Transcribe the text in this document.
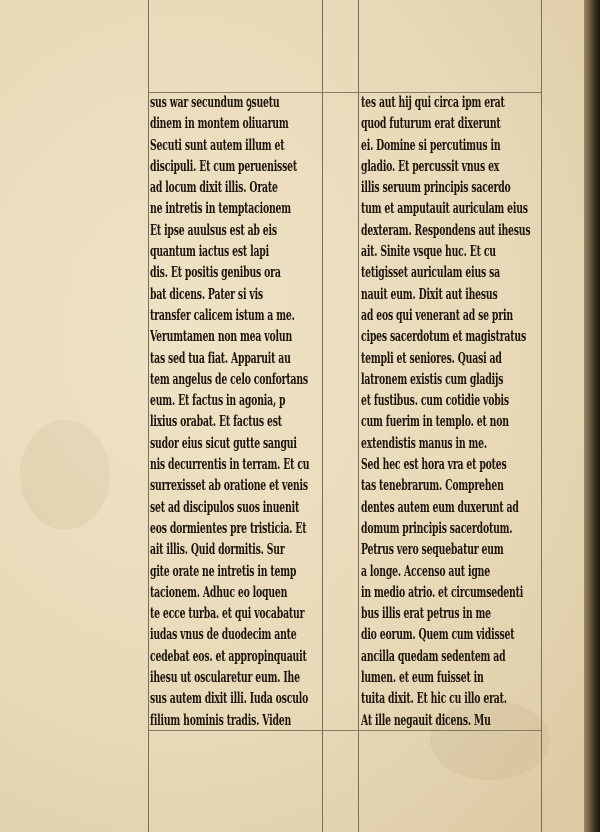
sus war secundum ꝯsuetu
dinem in montem oliuarum
Secuti sunt autem illum et
discipuli. Et cum peruenisset
ad locum dixit illis. Orate
ne intretis in temptacionem
Et ipse auulsus est ab eis
quantum iactus est lapi
dis. Et positis genibus ora
bat dicens. Pater si vis
transfer calicem istum a me.
Verumtamen non mea volun
tas sed tua fiat. Apparuit au
tem angelus de celo confortans
eum. Et factus in agonia, p
lixius orabat. Et factus est
sudor eius sicut gutte sangui
nis decurrentis in terram. Et cu
surrexisset ab oratione et venis
set ad discipulos suos inuenit
eos dormientes pre tristicia. Et
ait illis. Quid dormitis. Sur
gite orate ne intretis in temp
tacionem. Adhuc eo loquen
te ecce turba. et qui vocabatur
iudas vnus de duodecim ante
cedebat eos. et appropinquauit
ihesu ut oscularetur eum. Ihe
sus autem dixit illi. Iuda osculo
filium hominis tradis. Viden
tes aut hij qui circa ipm erat
quod futurum erat dixerunt
ei. Domine si percutimus in
gladio. Et percussit vnus ex
illis seruum principis sacerdo
tum et amputauit auriculam eius
dexteram. Respondens aut ihesus
ait. Sinite vsque huc. Et cu
tetigisset auriculam eius sa
nauit eum. Dixit aut ihesus
ad eos qui venerant ad se prin
cipes sacerdotum et magistratus
templi et seniores. Quasi ad
latronem existis cum gladijs
et fustibus. cum cotidie vobis
cum fuerim in templo. et non
extendistis manus in me.
Sed hec est hora vra et potes
tas tenebrarum. Comprehen
dentes autem eum duxerunt ad
domum principis sacerdotum.
Petrus vero sequebatur eum
a longe. Accenso aut igne
in medio atrio. et circumsedenti
bus illis erat petrus in me
dio eorum. Quem cum vidisset
ancilla quedam sedentem ad
lumen. et eum fuisset in
tuita dixit. Et hic cu illo erat.
At ille negauit dicens. Mu
